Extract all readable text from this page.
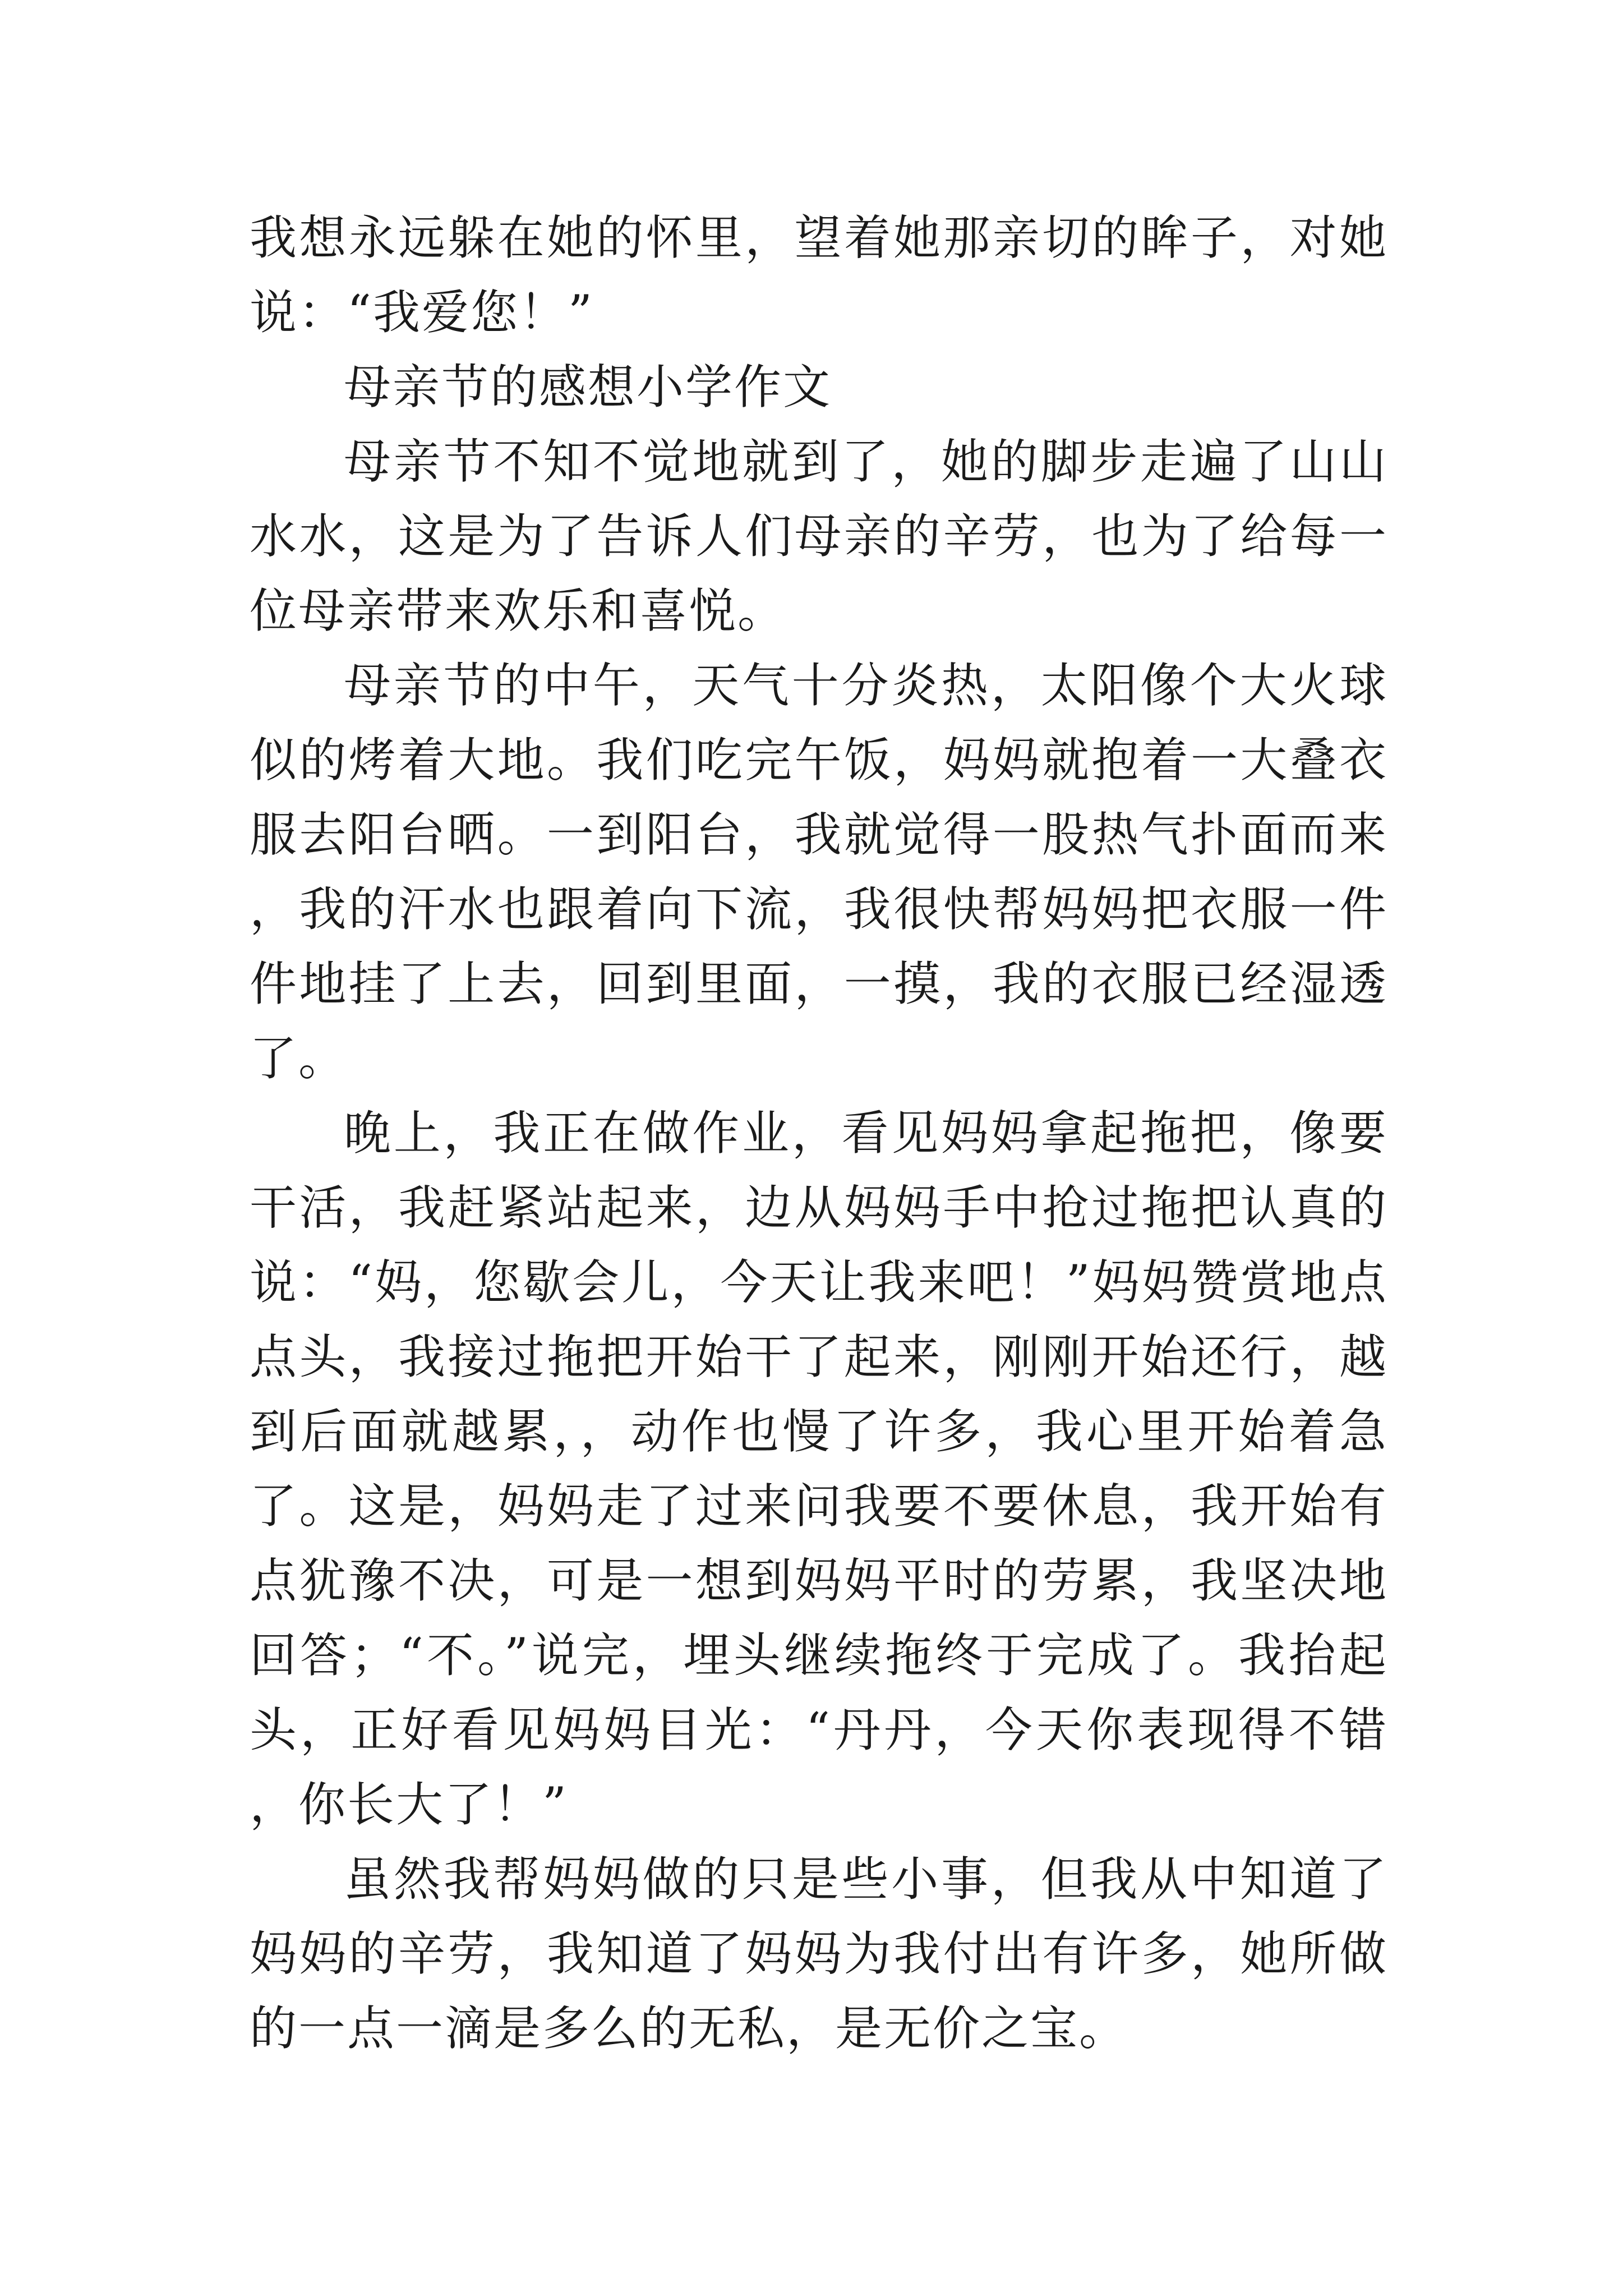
我想永远躲在她的怀里，望着她那亲切的眸子，对她说：“我爱您！”

母亲节的感想小学作文

母亲节不知不觉地就到了，她的脚步走遍了山山水水，这是为了告诉人们母亲的辛劳，也为了给每一位母亲带来欢乐和喜悦。

母亲节的中午，天气十分炎热，太阳像个大火球似的烤着大地。我们吃完午饭，妈妈就抱着一大叠衣服去阳台晒。一到阳台，我就觉得一股热气扑面而来，我的汗水也跟着向下流，我很快帮妈妈把衣服一件件地挂了上去，回到里面，一摸，我的衣服已经湿透了。

晚上，我正在做作业，看见妈妈拿起拖把，像要干活，我赶紧站起来，边从妈妈手中抢过拖把认真的说：“妈，您歇会儿，今天让我来吧！”妈妈赞赏地点点头，我接过拖把开始干了起来，刚刚开始还行，越到后面就越累，，动作也慢了许多，我心里开始着急了。这是，妈妈走了过来问我要不要休息，我开始有点犹豫不决，可是一想到妈妈平时的劳累，我坚决地回答；“不。”说完，埋头继续拖终于完成了。我抬起头，正好看见妈妈目光：“丹丹，今天你表现得不错，你长大了！”

虽然我帮妈妈做的只是些小事，但我从中知道了妈妈的辛劳，我知道了妈妈为我付出有许多，她所做的一点一滴是多么的无私，是无价之宝。
